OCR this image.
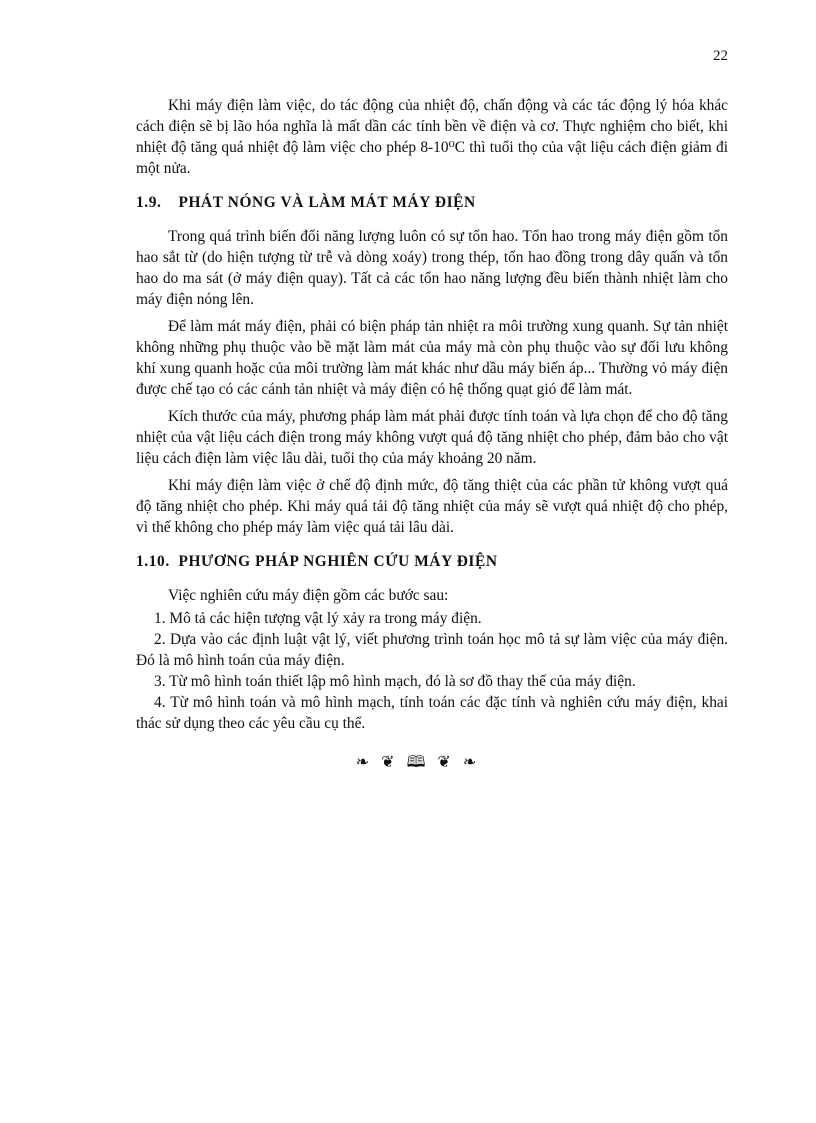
22

Khi máy điện làm việc, do tác động của nhiệt độ, chấn động và các tác động lý hóa khác cách điện sẽ bị lão hóa nghĩa là mất dần các tính bền về điện và cơ. Thực nghiệm cho biết, khi nhiệt độ tăng quá nhiệt độ làm việc cho phép 8-10⁰C thì tuổi thọ của vật liệu cách điện giảm đi một nửa.

1.9. PHÁT NÓNG VÀ LÀM MÁT MÁY ĐIỆN

Trong quá trình biến đổi năng lượng luôn có sự tổn hao. Tổn hao trong máy điện gồm tổn hao sắt từ (do hiện tượng từ trễ và dòng xoáy) trong thép, tổn hao đồng trong dây quấn và tổn hao do ma sát (ở máy điện quay). Tất cả các tổn hao năng lượng đều biến thành nhiệt làm cho máy điện nóng lên.

Để làm mát máy điện, phải có biện pháp tản nhiệt ra môi trường xung quanh. Sự tản nhiệt không những phụ thuộc vào bề mặt làm mát của máy mà còn phụ thuộc vào sự đối lưu không khí xung quanh hoặc của môi trường làm mát khác như dầu máy biến áp... Thường vỏ máy điện được chế tạo có các cánh tản nhiệt và máy điện có hệ thống quạt gió để làm mát.

Kích thước của máy, phương pháp làm mát phải được tính toán và lựa chọn để cho độ tăng nhiệt của vật liệu cách điện trong máy không vượt quá độ tăng nhiệt cho phép, đảm bảo cho vật liệu cách điện làm việc lâu dài, tuổi thọ của máy khoảng 20 năm.

Khi máy điện làm việc ở chế độ định mức, độ tăng thiệt của các phần tử không vượt quá độ tăng nhiệt cho phép. Khi máy quá tải độ tăng nhiệt của máy sẽ vượt quá nhiệt độ cho phép, vì thế không cho phép máy làm việc quá tải lâu dài.

1.10. PHƯƠNG PHÁP NGHIÊN CỨU MÁY ĐIỆN
Việc nghiên cứu máy điện gồm các bước sau:
1. Mô tả các hiện tượng vật lý xảy ra trong máy điện.
2. Dựa vào các định luật vật lý, viết phương trình toán học mô tả sự làm việc của máy điện. Đó là mô hình toán của máy điện.
3. Từ mô hình toán thiết lập mô hình mạch, đó là sơ đồ thay thế của máy điện.
4. Từ mô hình toán và mô hình mạch, tính toán các đặc tính và nghiên cứu máy điện, khai thác sử dụng theo các yêu cầu cụ thể.
❧ ❦ 🕮 ❦ ❧
